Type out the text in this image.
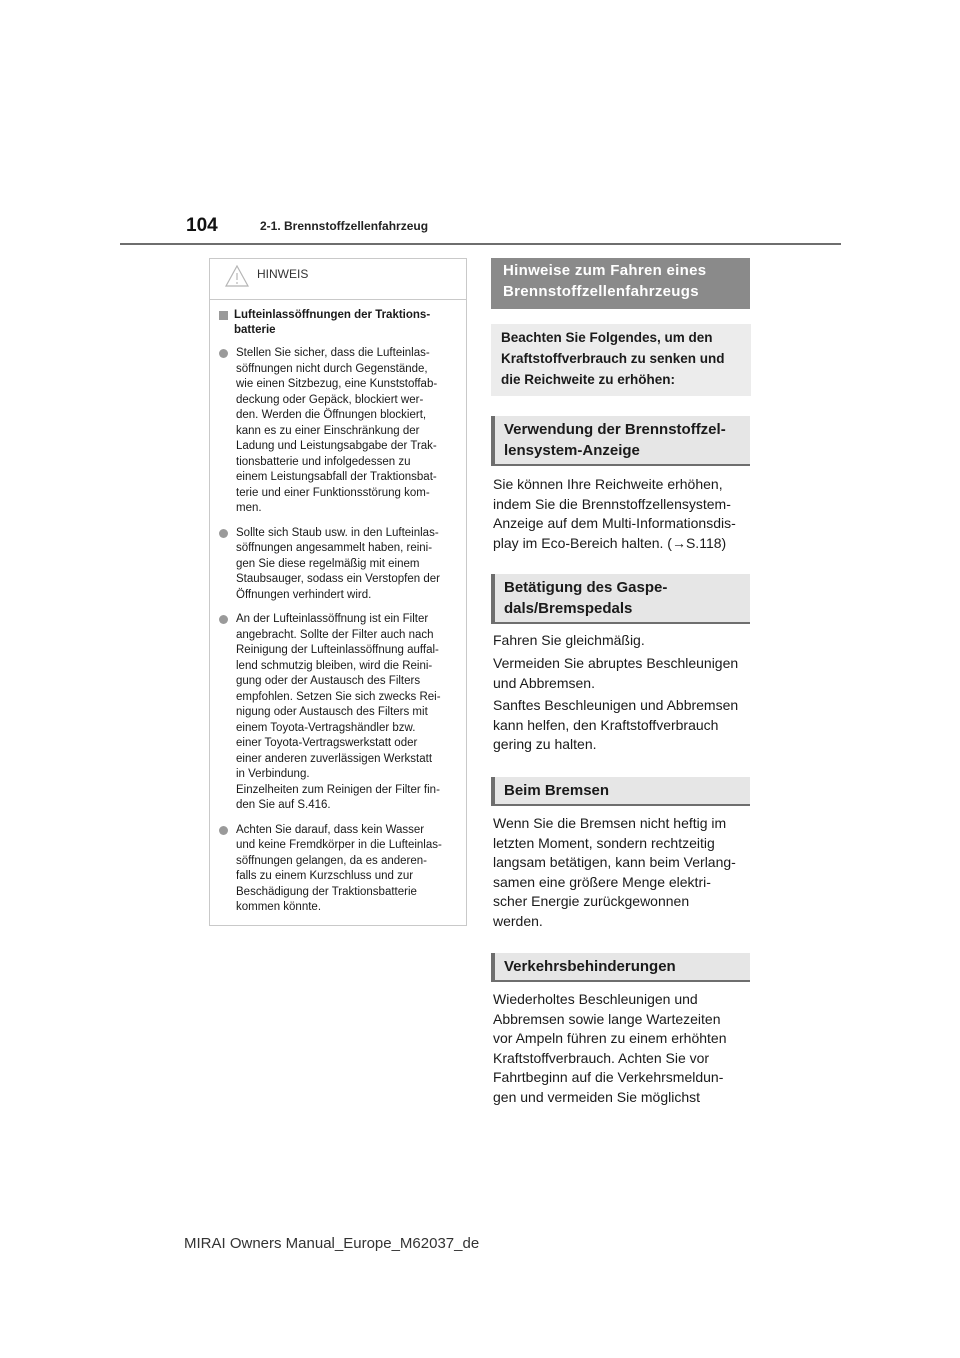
104	2-1. Brennstoffzellenfahrzeug
HINWEIS
Lufteinlassöffnungen der Traktions-
batterie
Stellen Sie sicher, dass die Lufteinlas-
söffnungen nicht durch Gegenstände,
wie einen Sitzbezug, eine Kunststoffab-
deckung oder Gepäck, blockiert wer-
den. Werden die Öffnungen blockiert,
kann es zu einer Einschränkung der
Ladung und Leistungsabgabe der Trak-
tionsbatterie und infolgedessen zu
einem Leistungsabfall der Traktionsbat-
terie und einer Funktionsstörung kom-
men.
Sollte sich Staub usw. in den Lufteinlas-
söffnungen angesammelt haben, reini-
gen Sie diese regelmäßig mit einem
Staubsauger, sodass ein Verstopfen der
Öffnungen verhindert wird.
An der Lufteinlassöffnung ist ein Filter
angebracht. Sollte der Filter auch nach
Reinigung der Lufteinlassöffnung auffal-
lend schmutzig bleiben, wird die Reini-
gung oder der Austausch des Filters
empfohlen. Setzen Sie sich zwecks Rei-
nigung oder Austausch des Filters mit
einem Toyota-Vertragshändler bzw.
einer Toyota-Vertragswerkstatt oder
einer anderen zuverlässigen Werkstatt
in Verbindung.
Einzelheiten zum Reinigen der Filter fin-
den Sie auf S.416.
Achten Sie darauf, dass kein Wasser
und keine Fremdkörper in die Lufteinlas-
söffnungen gelangen, da es anderen-
falls zu einem Kurzschluss und zur
Beschädigung der Traktionsbatterie
kommen könnte.
Hinweise zum Fahren eines Brennstoffzellenfahrzeugs
Beachten Sie Folgendes, um den Kraftstoffverbrauch zu senken und die Reichweite zu erhöhen:
Verwendung der Brennstoffzel-
lensystem-Anzeige
Sie können Ihre Reichweite erhöhen,
indem Sie die Brennstoffzellensystem-
Anzeige auf dem Multi-Informationsdis-
play im Eco-Bereich halten. (→S.118)
Betätigung des Gaspe-
dals/Bremspedals
Fahren Sie gleichmäßig.
Vermeiden Sie abruptes Beschleunigen
und Abbremsen.
Sanftes Beschleunigen und Abbremsen
kann helfen, den Kraftstoffverbrauch
gering zu halten.
Beim Bremsen
Wenn Sie die Bremsen nicht heftig im
letzten Moment, sondern rechtzeitig
langsam betätigen, kann beim Verlang-
samen eine größere Menge elektri-
scher Energie zurückgewonnen
werden.
Verkehrsbehinderungen
Wiederholtes Beschleunigen und
Abbremsen sowie lange Wartezeiten
vor Ampeln führen zu einem erhöhten
Kraftstoffverbrauch. Achten Sie vor
Fahrtbeginn auf die Verkehrsmeldun-
gen und vermeiden Sie möglichst
MIRAI Owners Manual_Europe_M62037_de
